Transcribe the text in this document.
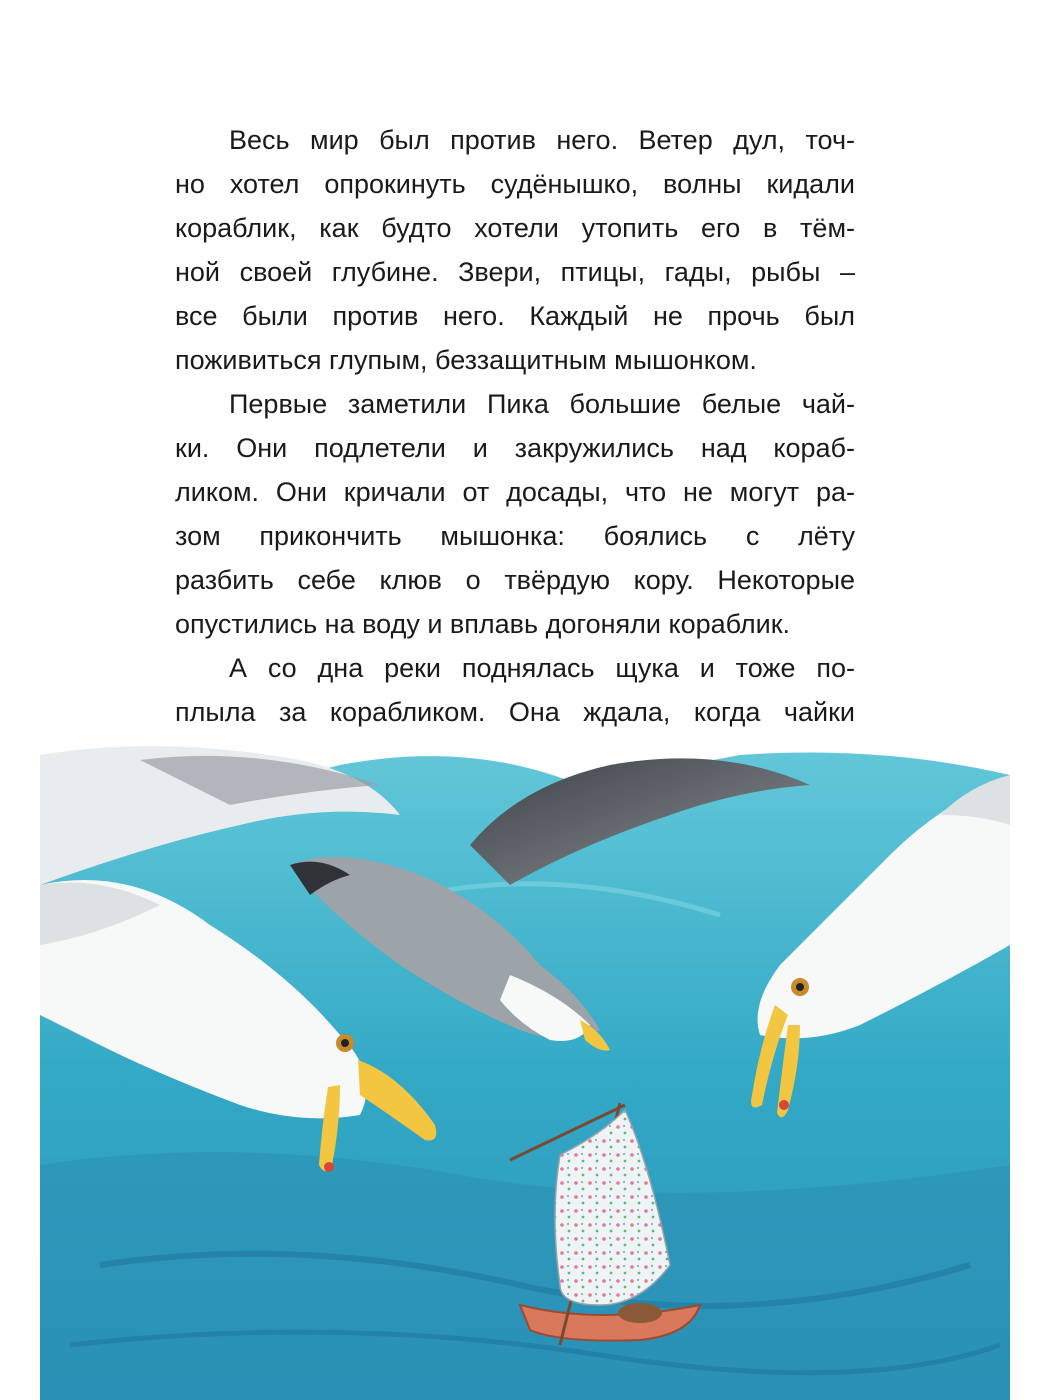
Весь мир был против него. Ветер дул, точ-
но хотел опрокинуть судёнышко, волны кидали
кораблик, как будто хотели утопить его в тём-
ной своей глубине. Звери, птицы, гады, рыбы –
все были против него. Каждый не прочь был
поживиться глупым, беззащитным мышонком.
Первые заметили Пика большие белые чай-
ки. Они подлетели и закружились над кораб-
ликом. Они кричали от досады, что не могут ра-
зом прикончить мышонка: боялись с лёту
разбить себе клюв о твёрдую кору. Некоторые
опустились на воду и вплавь догоняли кораблик.
А со дна реки поднялась щука и тоже по-
плыла за корабликом. Она ждала, когда чайки
